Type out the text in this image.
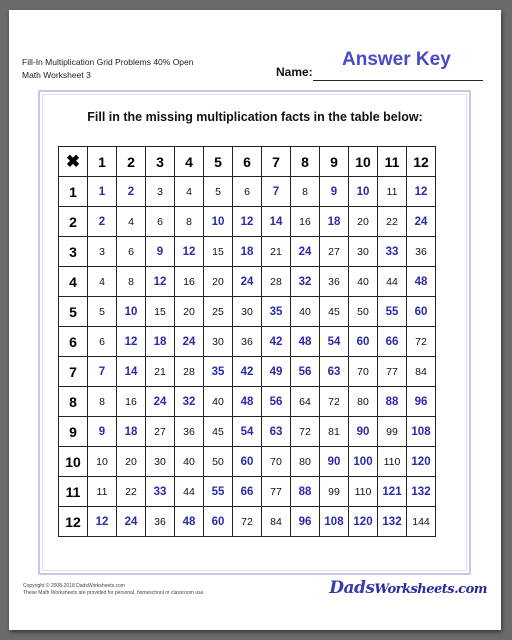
Fill-In Multiplication Grid Problems 40% Open
Math Worksheet 3	Name:
Answer Key
Fill in the missing multiplication facts in the table below:
✖	1	2	3	4	5	6	7	8	9	10	11	12
1	1	2	3	4	5	6	7	8	9	10	11	12
2	2	4	6	8	10	12	14	16	18	20	22	24
3	3	6	9	12	15	18	21	24	27	30	33	36
4	4	8	12	16	20	24	28	32	36	40	44	48
5	5	10	15	20	25	30	35	40	45	50	55	60
6	6	12	18	24	30	36	42	48	54	60	66	72
7	7	14	21	28	35	42	49	56	63	70	77	84
8	8	16	24	32	40	48	56	64	72	80	88	96
9	9	18	27	36	45	54	63	72	81	90	99	108
10	10	20	30	40	50	60	70	80	90	100	110	120
11	11	22	33	44	55	66	77	88	99	110	121	132
12	12	24	36	48	60	72	84	96	108	120	132	144
Copyright © 2008-2018 DadsWorksheets.com
These Math Worksheets are provided for personal, homeschool or classroom use.	DadsWorksheets.com
